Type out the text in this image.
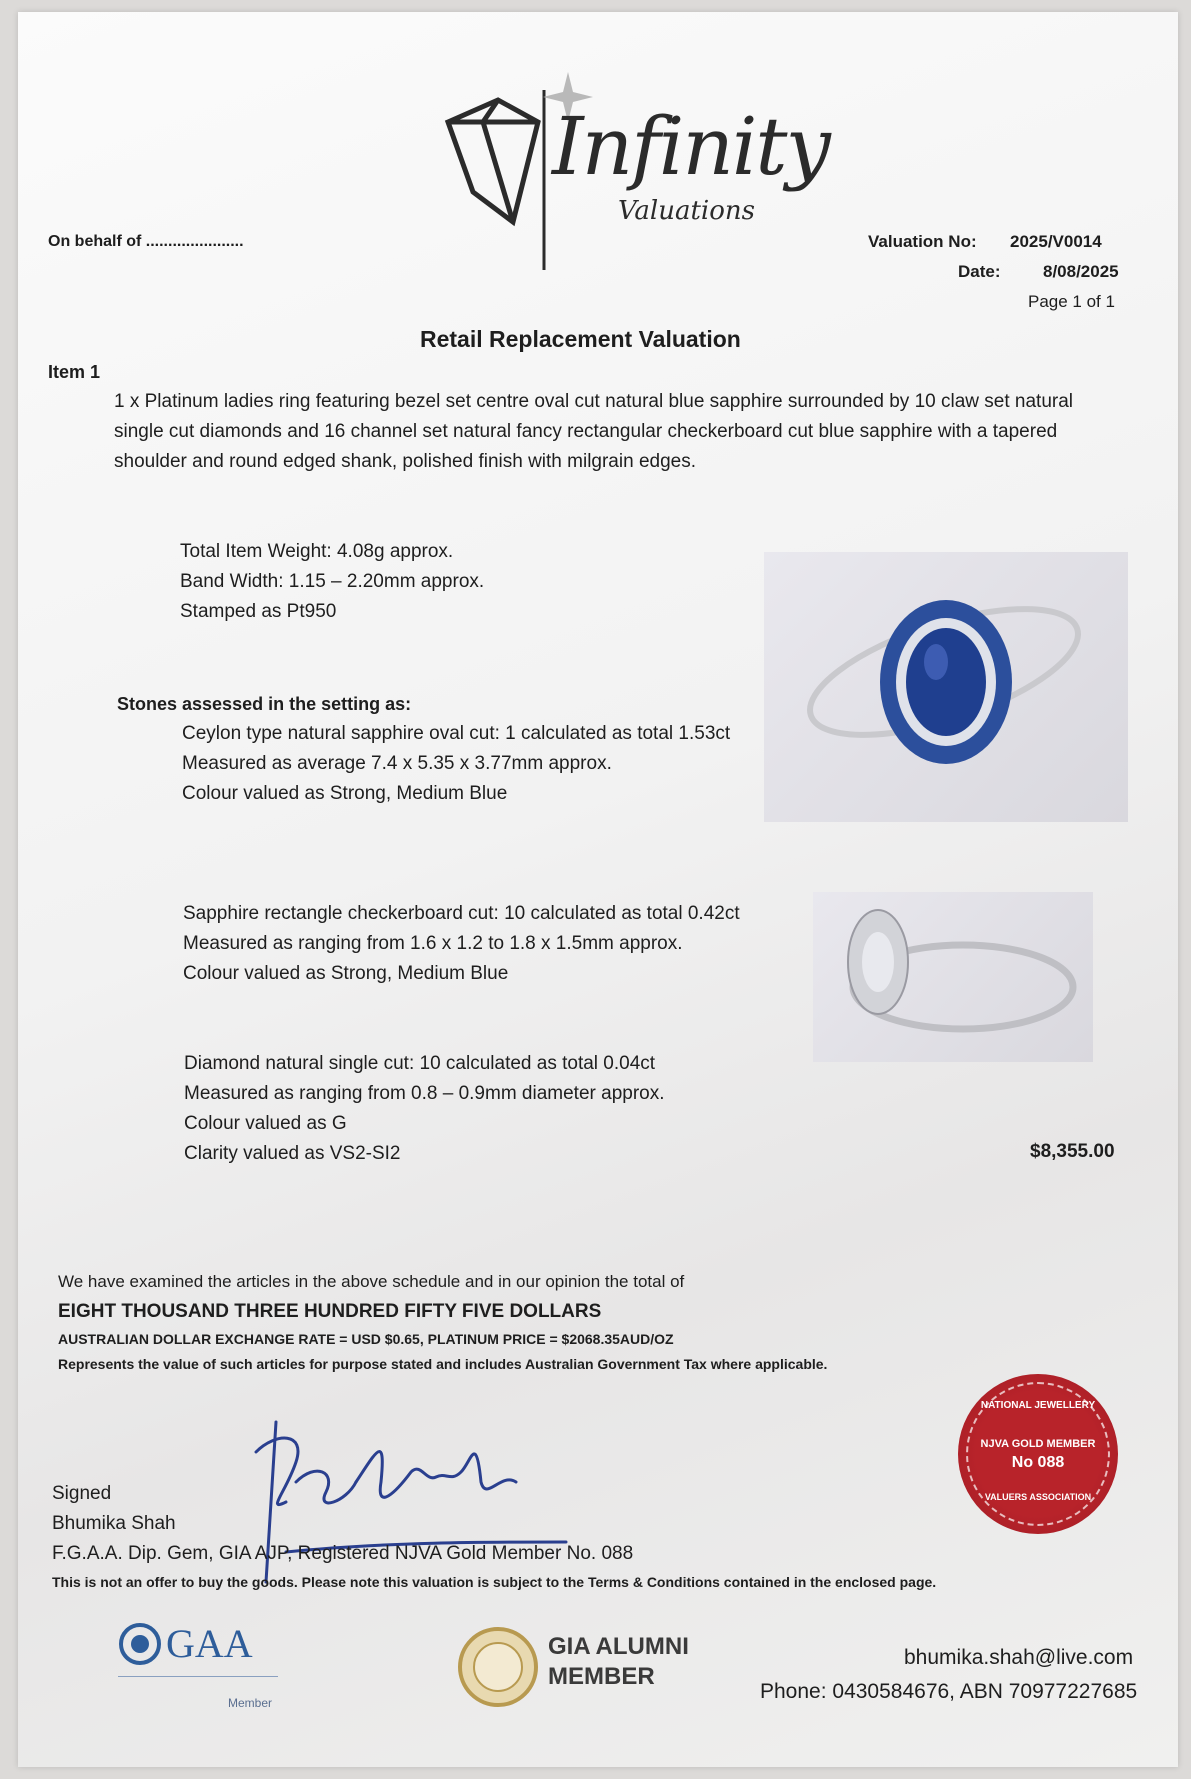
Infinity
Valuations
On behalf of ......................	Valuation No: 2025/V0014
Date: 8/08/2025
Page 1 of 1
Retail Replacement Valuation
Item 1
1 x Platinum ladies ring featuring bezel set centre oval cut natural blue sapphire surrounded by 10 claw set natural
single cut diamonds and 16 channel set natural fancy rectangular checkerboard cut blue sapphire with a tapered
shoulder and round edged shank, polished finish with milgrain edges.
Total Item Weight: 4.08g approx.
Band Width: 1.15 – 2.20mm approx.
Stamped as Pt950
Stones assessed in the setting as:
Ceylon type natural sapphire oval cut: 1 calculated as total 1.53ct
Measured as average 7.4 x 5.35 x 3.77mm approx.
Colour valued as Strong, Medium Blue
Sapphire rectangle checkerboard cut: 10 calculated as total 0.42ct
Measured as ranging from 1.6 x 1.2 to 1.8 x 1.5mm approx.
Colour valued as Strong, Medium Blue
Diamond natural single cut: 10 calculated as total 0.04ct
Measured as ranging from 0.8 – 0.9mm diameter approx.
Colour valued as G
Clarity valued as VS2-SI2	$8,355.00
We have examined the articles in the above schedule and in our opinion the total of
EIGHT THOUSAND THREE HUNDRED FIFTY FIVE DOLLARS
AUSTRALIAN DOLLAR EXCHANGE RATE = USD $0.65, PLATINUM PRICE = $2068.35AUD/OZ
Represents the value of such articles for purpose stated and includes Australian Government Tax where applicable.
Signed
Bhumika Shah
F.G.A.A. Dip. Gem, GIA AJP, Registered NJVA Gold Member No. 088
This is not an offer to buy the goods. Please note this valuation is subject to the Terms & Conditions contained in the enclosed page.
NATIONAL JEWELLERY
NJVA GOLD MEMBER
No 088
VALUERS ASSOCIATION
GAA
Member
GIA ALUMNI
MEMBER
bhumika.shah@live.com
Phone: 0430584676, ABN 70977227685
